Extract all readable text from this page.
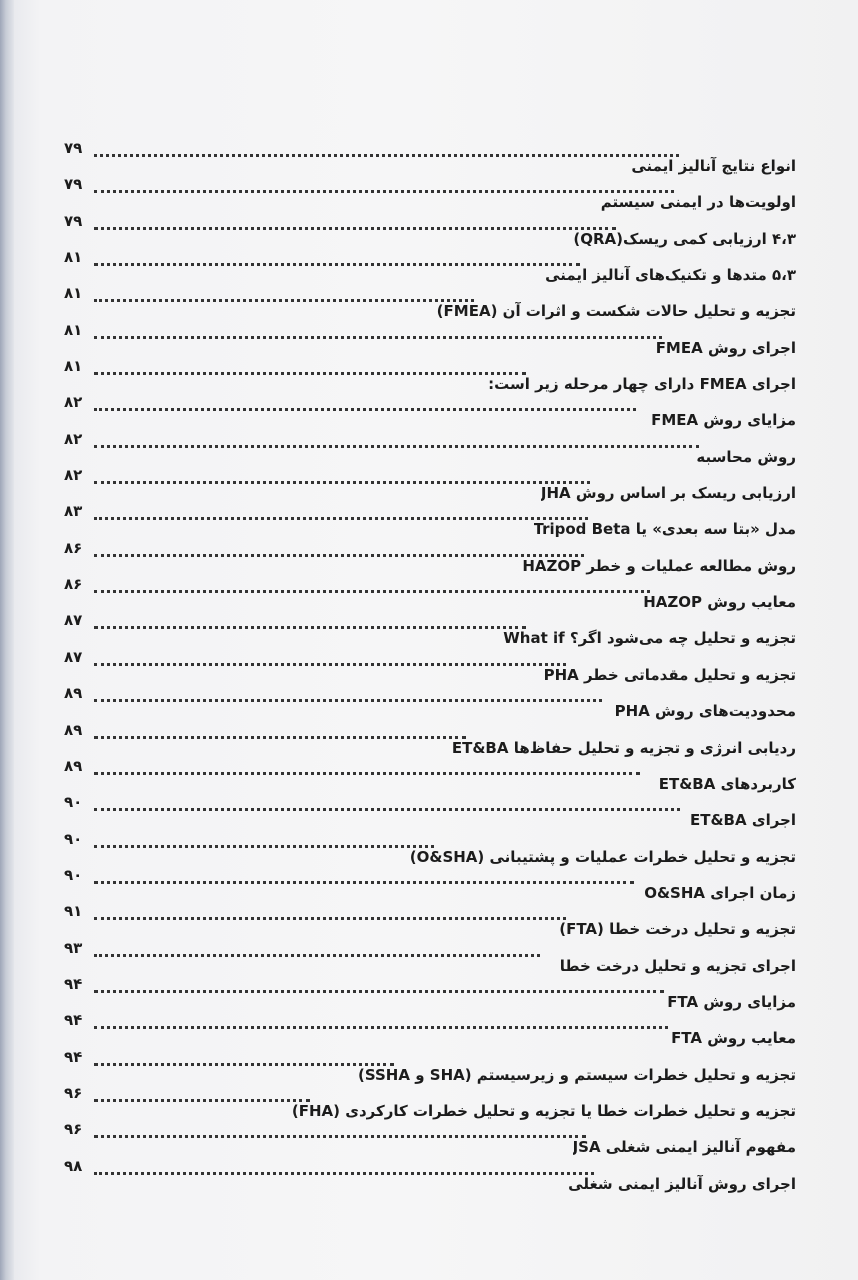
۷۹
انواع نتایج آنالیز ایمنی
۷۹
اولویت‌ها در ایمنی سیستم
۷۹
۴،۳ ارزیابی کمی ریسک(QRA)
۸۱
۵،۳ متدها و تکنیک‌های آنالیز ایمنی
۸۱
تجزیه و تحلیل حالات شکست و اثرات آن (FMEA)
۸۱
اجرای روش FMEA
۸۱
اجرای FMEA دارای چهار مرحله زیر است:
۸۲
مزایای روش FMEA
۸۲
روش محاسبه
۸۲
ارزیابی ریسک بر اساس روش JHA
۸۳
مدل «بتا سه بعدی» یا Tripod Beta
۸۶
روش مطالعه عملیات و خطر HAZOP
۸۶
معایب روش HAZOP
۸۷
تجزیه و تحلیل چه می‌شود اگر؟ What if
۸۷
تجزیه و تحلیل مقدماتی خطر PHA
۸۹
محدودیت‌های روش PHA
۸۹
ردیابی انرژی و تجزیه و تحلیل حفاظ‌ها ET&BA
۸۹
کاربردهای ET&BA
۹۰
اجرای ET&BA
۹۰
تجزیه و تحلیل خطرات عملیات و پشتیبانی (O&SHA)
۹۰
زمان اجرای O&SHA
۹۱
تجزیه و تحلیل درخت خطا (FTA)
۹۳
اجرای تجزیه و تحلیل درخت خطا
۹۴
مزایای روش FTA
۹۴
معایب روش FTA
۹۴
تجزیه و تحلیل خطرات سیستم و زیرسیستم (SHA و SSHA)
۹۶
تجزیه و تحلیل خطرات خطا یا تجزیه و تحلیل خطرات کارکردی (FHA)
۹۶
مفهوم آنالیز ایمنی شغلی JSA
۹۸
اجرای روش آنالیز ایمنی شغلی
